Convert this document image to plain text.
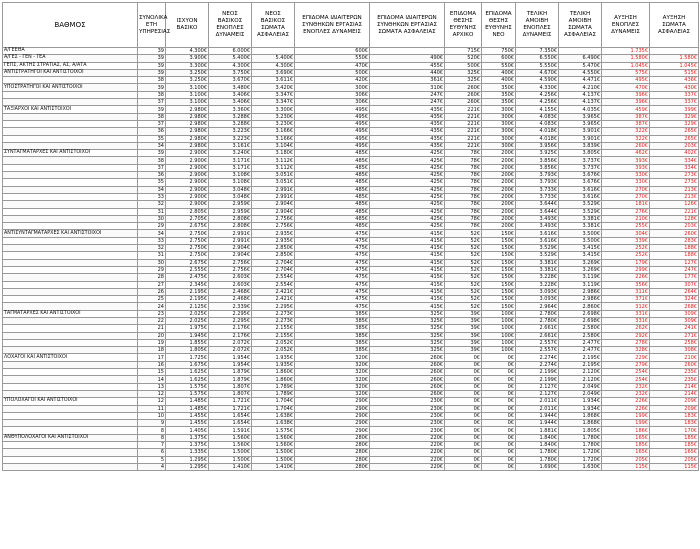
ΒΑΘΜΟΣ	ΣΥΝΟΛΙΚΑ ΕΤΗ ΥΠΗΡΕΣΙΑΣ	ΙΣΧΥΟΝ ΒΑΣΙΚΟ	ΝΕΟΣ ΒΑΣΙΚΟΣ ΕΝΟΠΛΕΣ ΔΥΝΑΜΕΙΣ	ΝΕΟΣ ΒΑΣΙΚΟΣ ΣΩΜΑΤΑ ΑΣΦΑΛΕΙΑΣ	ΕΠΙΔΟΜΑ ΙΔΙΑΙΤΕΡΩΝ ΣΥΝΘΗΚΩΝ ΕΡΓΑΣΙΑΣ ΕΝΟΠΛΕΣ ΔΥΝΑΜΕΙΣ	ΕΠΙΔΟΜΑ ΙΔΙΑΙΤΕΡΩΝ ΣΥΝΘΗΚΩΝ ΕΡΓΑΣΙΑΣ ΣΩΜΑΤΑ ΑΣΦΑΛΕΙΑΣ	ΕΠΙΔΟΜΑ ΘΕΣΗΣ ΕΥΘΥΝΗΣ ΑΡΧΙΚΟ	ΕΠΙΔΟΜΑ ΘΕΣΗΣ ΕΥΘΥΝΗΣ ΝΕΟ	ΤΕΛΙΚΗ ΑΜΟΙΒΗ ΕΝΟΠΛΕΣ ΔΥΝΑΜΕΙΣ	ΤΕΛΙΚΗ ΑΜΟΙΒΗ ΣΩΜΑΤΑ ΑΣΦΑΛΕΙΑΣ	ΑΥΞΗΣΗ ΕΝΟΠΛΕΣ ΔΥΝΑΜΕΙΣ	ΑΥΞΗΣΗ ΣΩΜΑΤΑ ΑΣΦΑΛΕΙΑΣ
Α/ΓΕΕΘΑ	39	4.300€	6.000€		600€		715€	750€	7.350€		1.735€	
Α/ΓΕΣ - ΓΕΝ - ΓΕΑ	39	3.900€	5.400€	5.400€	550€	490€	520€	600€	6.550€	6.490€	1.580€	1.580€
ΓΕΠΣ, ΑΚΤΗΣ ΣΤΡΑΤΙΑΣ, ΑΣ, Α/ΑΤΑ	39	3.300€	4.300€	4.300€	470€	455€	500€	550€	5.550€	5.470€	1.045€	1.045€
ΑΝΤΙΣΤΡΑΤΗΓΟΙ ΚΑΙ ΑΝΤΙΣΤΟΙΧΟΙ	39	3.250€	3.750€	3.690€	500€	440€	325€	400€	4.670€	4.550€	575€	515€
	38	3.250€	3.670€	3.611€	420€	361€	325€	400€	4.590€	4.471€	495€	436€
ΥΠΟΣΤΡΑΤΗΓΟΙ ΚΑΙ ΑΝΤΙΣΤΟΙΧΟΙ	39	3.100€	3.480€	3.420€	300€	310€	260€	350€	4.330€	4.210€	470€	430€
	38	3.100€	3.406€	3.347€	306€	247€	260€	350€	4.256€	4.137€	396€	337€
	37	3.100€	3.406€	3.347€	306€	247€	260€	350€	4.256€	4.137€	396€	337€
ΤΑΞΙΑΡΧΟΙ ΚΑΙ ΑΝΤΙΣΤΟΙΧΟΙ	39	2.980€	3.360€	3.300€	495€	435€	221€	300€	4.155€	4.035€	459€	399€
	38	2.980€	3.288€	3.230€	495€	435€	221€	300€	4.083€	3.965€	387€	329€
	37	2.980€	3.288€	3.230€	495€	435€	221€	300€	4.083€	3.965€	387€	329€
	36	2.980€	3.223€	3.166€	495€	435€	221€	300€	4.018€	3.901€	322€	265€
	35	2.980€	3.223€	3.166€	495€	435€	221€	300€	4.018€	3.901€	322€	265€
	34	2.980€	3.161€	3.104€	495€	435€	221€	300€	3.956€	3.839€	260€	203€
ΣΥΝΤΑΓΜΑΤΑΡΧΕΣ ΚΑΙ ΑΝΤΙΣΤΟΙΧΟΙ	39	2.900€	3.240€	3.180€	485€	425€	78€	200€	3.925€	3.805€	462€	402€
	38	2.900€	3.171€	3.112€	485€	425€	78€	200€	3.856€	3.737€	393€	334€
	37	2.900€	3.171€	3.112€	485€	425€	78€	200€	3.856€	3.737€	393€	334€
	36	2.900€	3.108€	3.051€	485€	425€	78€	200€	3.793€	3.676€	330€	273€
	35	2.900€	3.108€	3.051€	485€	425€	78€	200€	3.793€	3.676€	330€	273€
	34	2.900€	3.048€	2.991€	485€	425€	78€	200€	3.733€	3.616€	270€	213€
	33	2.900€	3.048€	2.991€	485€	425€	78€	200€	3.733€	3.616€	270€	213€
	32	2.900€	2.959€	2.904€	485€	425€	78€	200€	3.644€	3.529€	181€	126€
	31	2.805€	2.959€	2.904€	485€	425€	78€	200€	3.644€	3.529€	276€	221€
	30	2.705€	2.808€	2.756€	485€	425€	78€	200€	3.493€	3.381€	210€	128€
	29	2.675€	2.808€	2.756€	485€	425€	78€	200€	3.493€	3.381€	255€	203€
ΑΝΤΙΣΥΝΤΑΓΜΑΤΑΡΧΕΣ ΚΑΙ ΑΝΤΙΣΤΟΙΧΟΙ	34	2.750€	2.991€	2.935€	475€	415€	52€	150€	3.616€	3.500€	304€	260€
	33	2.750€	2.991€	2.935€	475€	415€	52€	150€	3.616€	3.500€	339€	283€
	32	2.750€	2.904€	2.850€	475€	415€	52€	150€	3.529€	3.415€	252€	188€
	31	2.750€	2.904€	2.850€	475€	415€	52€	150€	3.529€	3.415€	252€	188€
	30	2.675€	2.756€	2.704€	475€	415€	52€	150€	3.381€	3.269€	179€	127€
	29	2.555€	2.756€	2.704€	475€	415€	52€	150€	3.381€	3.269€	299€	247€
	28	2.475€	2.603€	2.554€	475€	415€	52€	150€	3.228€	3.119€	226€	177€
	27	2.345€	2.603€	2.554€	475€	415€	52€	150€	3.228€	3.119€	356€	307€
	26	2.195€	2.468€	2.421€	475€	415€	52€	150€	3.093€	2.986€	311€	264€
	25	2.195€	2.468€	2.421€	475€	415€	52€	150€	3.093€	2.986€	371€	324€
	24	2.125€	2.339€	2.295€	475€	415€	52€	150€	2.964€	2.860€	312€	268€
ΤΑΓΜΑΤΑΡΧΕΣ ΚΑΙ ΑΝΤΙΣΤΟΙΧΟΙ	23	2.025€	2.295€	2.273€	385€	325€	39€	100€	2.780€	2.698€	331€	309€
	22	2.025€	2.295€	2.273€	385€	325€	39€	100€	2.780€	2.698€	331€	309€
	21	1.975€	2.176€	2.155€	385€	325€	39€	100€	2.661€	2.580€	262€	241€
	20	1.945€	2.176€	2.155€	385€	325€	39€	100€	2.661€	2.580€	292€	271€
	19	1.855€	2.072€	2.052€	385€	325€	39€	100€	2.557€	2.477€	278€	258€
	18	1.805€	2.072€	2.052€	385€	325€	39€	100€	2.557€	2.477€	328€	308€
ΛΟΧΑΓΟΙ ΚΑΙ ΑΝΤΙΣΤΟΙΧΟΙ	17	1.725€	1.954€	1.935€	320€	260€	0€	0€	2.274€	2.195€	229€	210€
	16	1.675€	1.954€	1.935€	320€	260€	0€	0€	2.274€	2.195€	279€	260€
	15	1.625€	1.879€	1.860€	320€	260€	0€	0€	2.199€	2.120€	254€	235€
	14	1.625€	1.879€	1.860€	320€	260€	0€	0€	2.199€	2.120€	254€	235€
	13	1.575€	1.807€	1.789€	320€	260€	0€	0€	2.127€	2.049€	232€	214€
	12	1.575€	1.807€	1.789€	320€	260€	0€	0€	2.127€	2.049€	232€	214€
ΥΠΟΛΟΧΑΓΟΙ ΚΑΙ ΑΝΤΙΣΤΟΙΧΟΙ	12	1.485€	1.721€	1.704€	290€	230€	0€	0€	2.011€	1.934€	226€	209€
	11	1.485€	1.721€	1.704€	290€	230€	0€	0€	2.011€	1.934€	226€	209€
	10	1.455€	1.654€	1.638€	290€	230€	0€	0€	1.944€	1.868€	199€	183€
	9	1.455€	1.654€	1.638€	290€	230€	0€	0€	1.944€	1.868€	199€	183€
	8	1.405€	1.591€	1.575€	290€	230€	0€	0€	1.881€	1.805€	186€	170€
ΑΝΘΥΠΟΛΟΧΑΓΟΙ ΚΑΙ ΑΝΤΙΣΤΟΙΧΟΙ	8	1.375€	1.560€	1.560€	280€	220€	0€	0€	1.840€	1.780€	165€	185€
	7	1.375€	1.560€	1.560€	280€	220€	0€	0€	1.840€	1.780€	185€	185€
	6	1.335€	1.500€	1.500€	280€	220€	0€	0€	1.780€	1.720€	165€	165€
	5	1.295€	1.500€	1.500€	280€	220€	0€	0€	1.780€	1.720€	205€	205€
	4	1.295€	1.410€	1.410€	280€	220€	0€	0€	1.690€	1.630€	115€	115€
